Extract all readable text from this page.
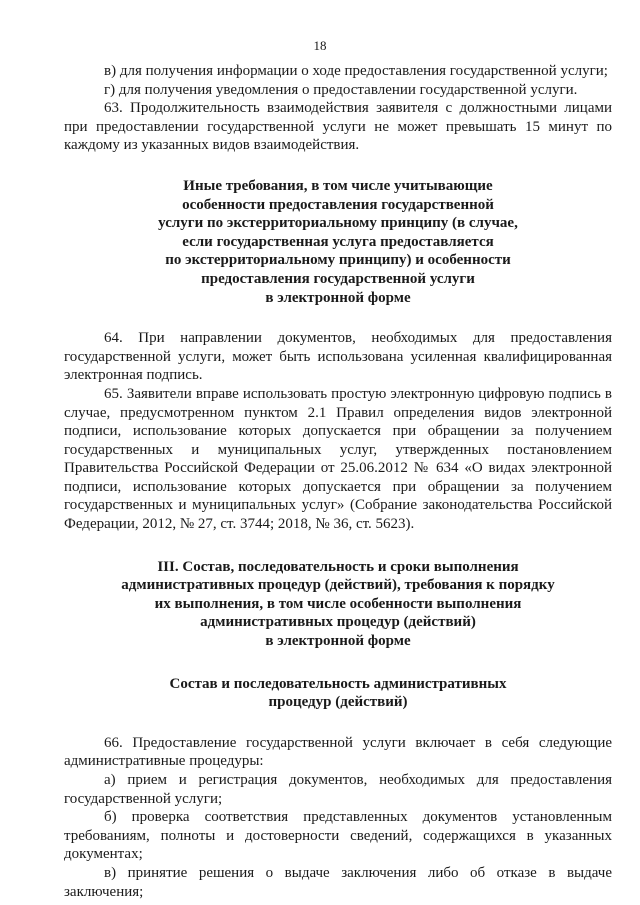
18

в) для получения информации о ходе предоставления государственной услуги;

г) для получения уведомления о предоставлении государственной услуги.

63. Продолжительность взаимодействия заявителя с должностными лицами при предоставлении государственной услуги не может превышать 15 минут по каждому из указанных видов взаимодействия.

Иные требования, в том числе учитывающие
особенности предоставления государственной
услуги по экстерриториальному принципу (в случае,
если государственная услуга предоставляется
по экстерриториальному принципу) и особенности
предоставления государственной услуги
в электронной форме

64. При направлении документов, необходимых для предоставления государственной услуги, может быть использована усиленная квалифицированная электронная подпись.

65. Заявители вправе использовать простую электронную цифровую подпись в случае, предусмотренном пунктом 2.1 Правил определения видов электронной подписи, использование которых допускается при обращении за получением государственных и муниципальных услуг, утвержденных постановлением Правительства Российской Федерации от 25.06.2012 № 634 «О видах электронной подписи, использование которых допускается при обращении за получением государственных и муниципальных услуг» (Собрание законодательства Российской Федерации, 2012, № 27, ст. 3744; 2018, № 36, ст. 5623).

III. Состав, последовательность и сроки выполнения
административных процедур (действий), требования к порядку
их выполнения, в том числе особенности выполнения
административных процедур (действий)
в электронной форме
Состав и последовательность административных
процедур (действий)

66. Предоставление государственной услуги включает в себя следующие административные процедуры:

а) прием и регистрация документов, необходимых для предоставления государственной услуги;

б) проверка соответствия представленных документов установленным требованиям, полноты и достоверности сведений, содержащихся в указанных документах;

в) принятие решения о выдаче заключения либо об отказе в выдаче заключения;
